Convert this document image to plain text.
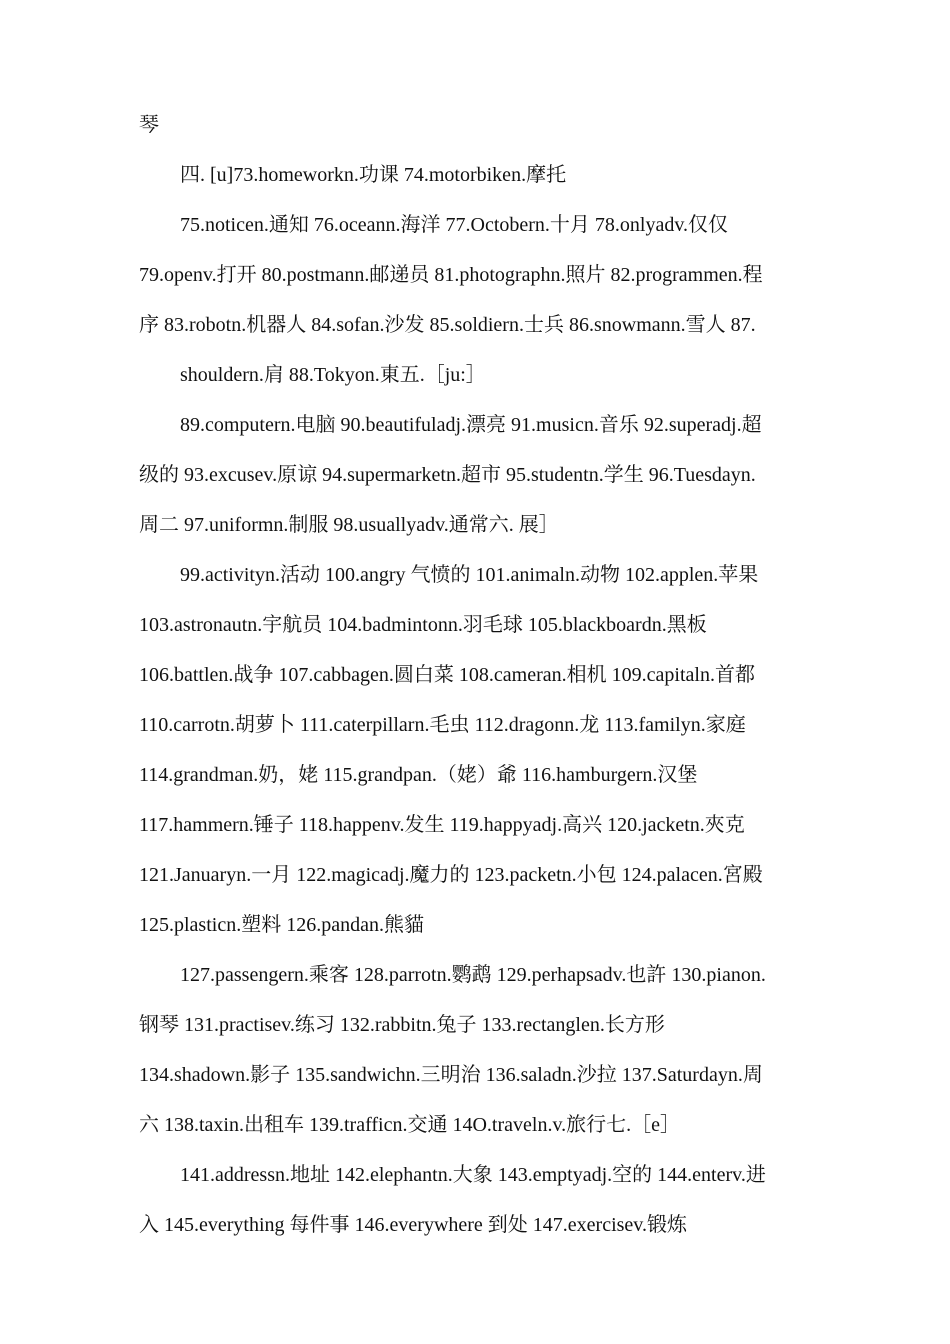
琴
四. [u]73.homeworkn.功课 74.motorbiken.摩托
75.noticen.通知 76.oceann.海洋 77.Octobern.十月 78.onlyadv.仅仅
79.openv.打开 80.postmann.邮递员 81.photographn.照片 82.programmen.程
序 83.robotn.机器人 84.sofan.沙发 85.soldiern.士兵 86.snowmann.雪人 87.
shouldern.肩 88.Tokyon.東五.［ju:］
89.computern.电脑 90.beautifuladj.漂亮 91.musicn.音乐 92.superadj.超
级的 93.excusev.原谅 94.supermarketn.超市 95.studentn.学生 96.Tuesdayn.
周二 97.uniformn.制服 98.usuallyadv.通常六. 展］
99.activityn.活动 100.angry 气愤的 101.animaln.动物 102.applen.苹果
103.astronautn.宇航员 104.badmintonn.羽毛球 105.blackboardn.黑板
106.battlen.战争 107.cabbagen.圆白菜 108.cameran.相机 109.capitaln.首都
110.carrotn.胡萝卜 111.caterpillarn.毛虫 112.dragonn.龙 113.familyn.家庭
114.grandman.奶，姥 115.grandpan.（姥）爺 116.hamburgern.汉堡
117.hammern.锤子 118.happenv.发生 119.happyadj.高兴 120.jacketn.夾克
121.Januaryn.一月 122.magicadj.魔力的 123.packetn.小包 124.palacen.宮殿
125.plasticn.塑料 126.pandan.熊貓
127.passengern.乘客 128.parrotn.鹦鹉 129.perhapsadv.也許 130.pianon.
钢琴 131.practisev.练习 132.rabbitn.兔子 133.rectanglen.长方形
134.shadown.影子 135.sandwichn.三明治 136.saladn.沙拉 137.Saturdayn.周
六 138.taxin.出租车 139.trafficn.交通 14O.traveln.v.旅行七.［e］
141.addressn.地址 142.elephantn.大象 143.emptyadj.空的 144.enterv.进
入 145.everything 每件事 146.everywhere 到处 147.exercisev.锻炼
